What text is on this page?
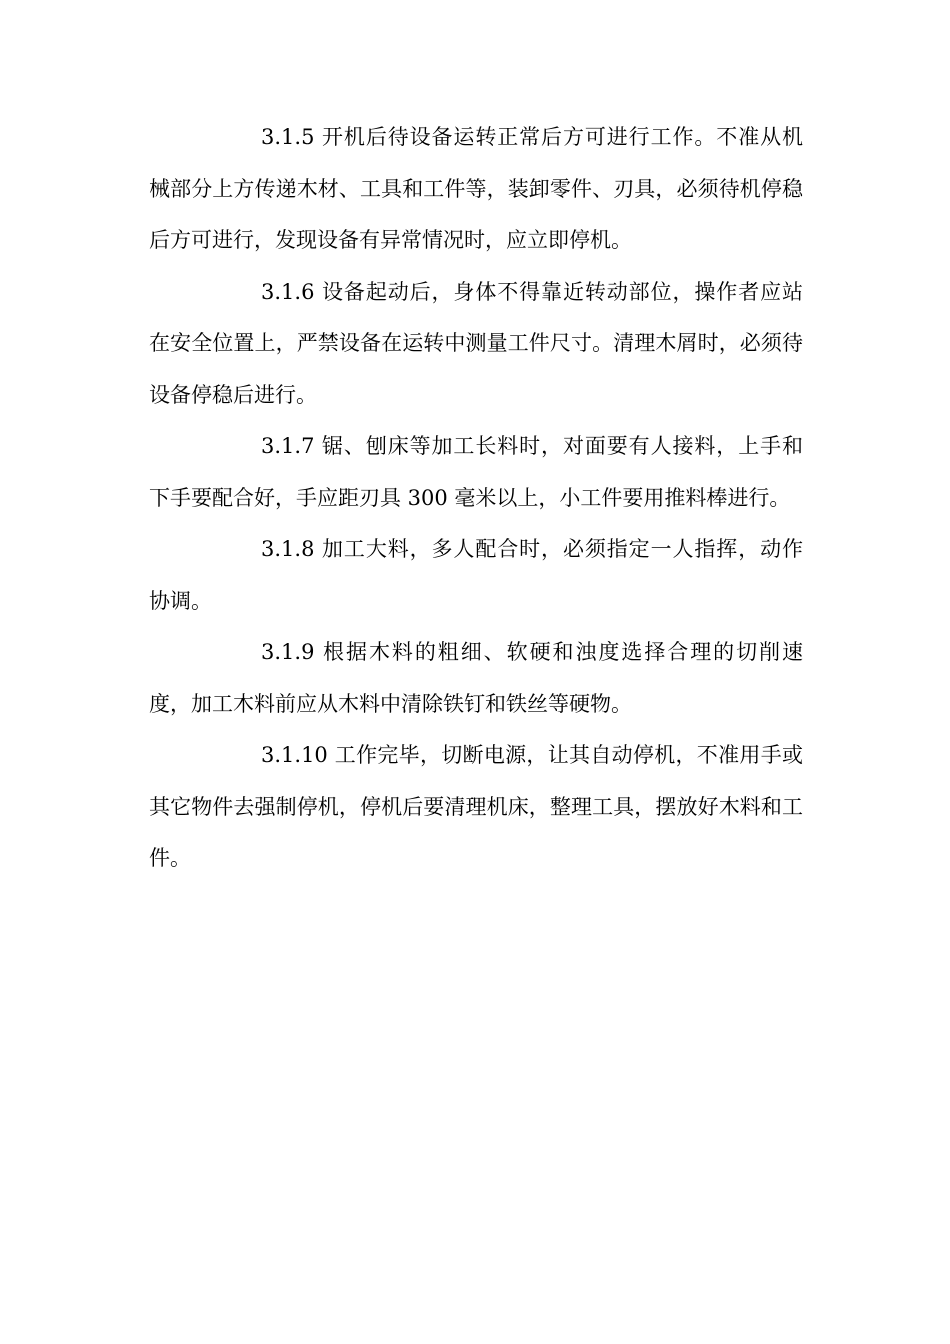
3.1.5 开机后待设备运转正常后方可进行工作。不准从机械部分上方传递木材、工具和工件等，装卸零件、刃具，必须待机停稳后方可进行，发现设备有异常情况时，应立即停机。

3.1.6 设备起动后，身体不得靠近转动部位，操作者应站在安全位置上，严禁设备在运转中测量工件尺寸。清理木屑时，必须待设备停稳后进行。

3.1.7 锯、刨床等加工长料时，对面要有人接料，上手和下手要配合好，手应距刃具 300 毫米以上，小工件要用推料棒进行。

3.1.8 加工大料，多人配合时，必须指定一人指挥，动作协调。

3.1.9 根据木料的粗细、软硬和浊度选择合理的切削速度，加工木料前应从木料中清除铁钉和铁丝等硬物。

3.1.10 工作完毕，切断电源，让其自动停机，不准用手或其它物件去强制停机，停机后要清理机床，整理工具，摆放好木料和工件。
